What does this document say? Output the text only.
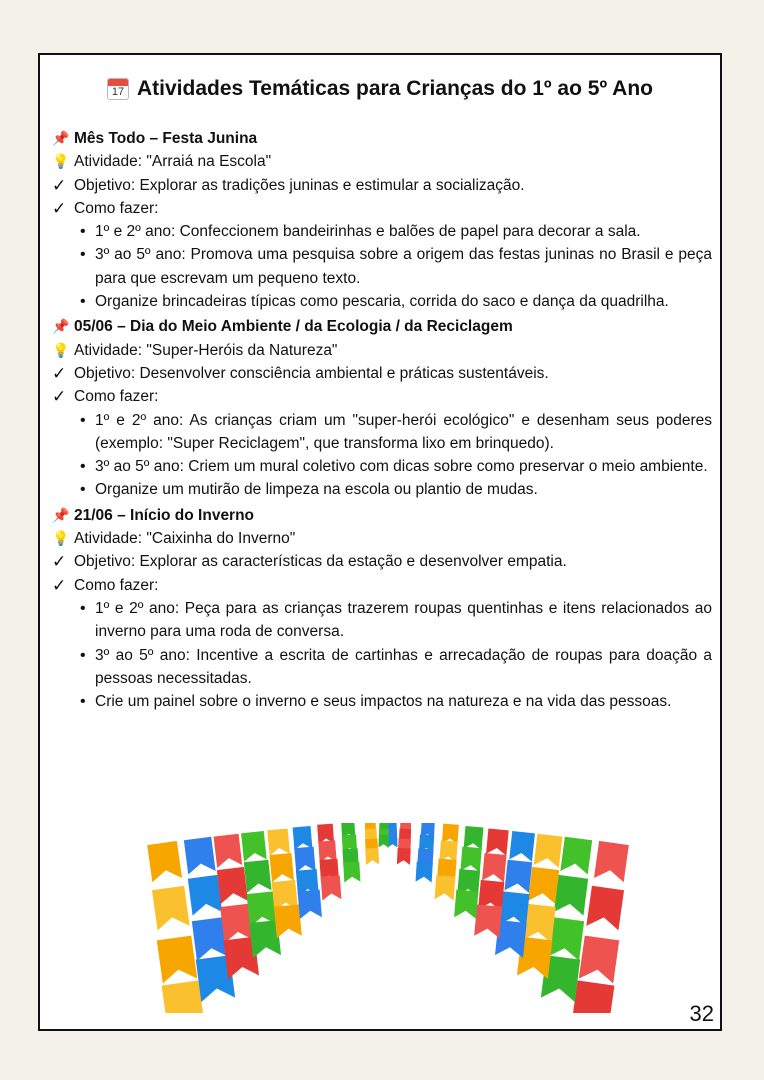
17 Atividades Temáticas para Crianças do 1º ao 5º Ano
📌 Mês Todo – Festa Junina
💡 Atividade: "Arraiá na Escola"
✓ Objetivo: Explorar as tradições juninas e estimular a socialização.
✓ Como fazer:
• 1º e 2º ano: Confeccionem bandeirinhas e balões de papel para decorar a sala.
• 3º ao 5º ano: Promova uma pesquisa sobre a origem das festas juninas no Brasil e peça para que escrevam um pequeno texto.
• Organize brincadeiras típicas como pescaria, corrida do saco e dança da quadrilha.
📌 05/06 – Dia do Meio Ambiente / da Ecologia / da Reciclagem
💡 Atividade: "Super-Heróis da Natureza"
✓ Objetivo: Desenvolver consciência ambiental e práticas sustentáveis.
✓ Como fazer:
• 1º e 2º ano: As crianças criam um "super-herói ecológico" e desenham seus poderes (exemplo: "Super Reciclagem", que transforma lixo em brinquedo).
• 3º ao 5º ano: Criem um mural coletivo com dicas sobre como preservar o meio ambiente.
• Organize um mutirão de limpeza na escola ou plantio de mudas.
📌 21/06 – Início do Inverno
💡 Atividade: "Caixinha do Inverno"
✓ Objetivo: Explorar as características da estação e desenvolver empatia.
✓ Como fazer:
• 1º e 2º ano: Peça para as crianças trazerem roupas quentinhas e itens relacionados ao inverno para uma roda de conversa.
• 3º ao 5º ano: Incentive a escrita de cartinhas e arrecadação de roupas para doação a pessoas necessitadas.
• Crie um painel sobre o inverno e seus impactos na natureza e na vida das pessoas.
32
